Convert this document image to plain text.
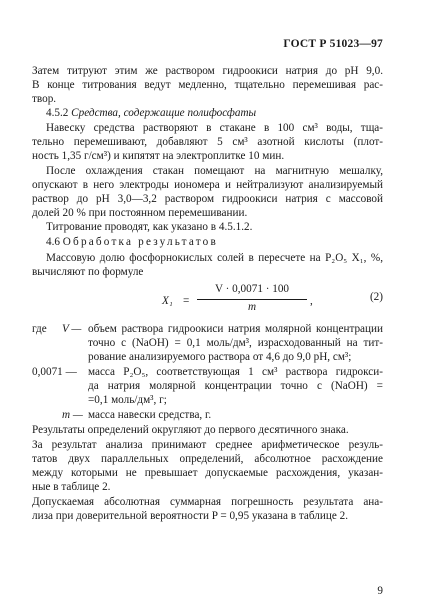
ГОСТ Р 51023—97
Затем титруют этим же раствором гидроокиси натрия до pH 9,0.
В конце титрования ведут медленно, тщательно перемешивая рас-
твор.
4.5.2 Средства, содержащие полифосфаты
Навеску средства растворяют в стакане в 100 см³ воды, тща-
тельно перемешивают, добавляют 5 см³ азотной кислоты (плот-
ность 1,35 г/см³) и кипятят на электроплитке 10 мин.
После охлаждения стакан помещают на магнитную мешалку,
опускают в него электроды иономера и нейтрализуют анализируемый
раствор до pH 3,0—3,2 раствором гидроокиси натрия с массовой
долей 20 % при постоянном перемешивании.
Титрование проводят, как указано в 4.5.1.2.
4.6 Обработка результатов
Массовую долю фосфорнокислых солей в пересчете на P₂O₅ X₁, %,
вычисляют по формуле
X₁ =
V · 0,0071 · 100
m	,	(2)
где V — объем раствора гидроокиси натрия молярной концентрации
точно с (NaOH) = 0,1 моль/дм³, израсходованный на тит-
рование анализируемого раствора от 4,6 до 9,0 pH, см³;
0,0071 — масса P₂O₅, соответствующая 1 см³ раствора гидрокси-
да натрия молярной концентрации точно с (NaOH) =
=0,1 моль/дм³, г;
m — масса навески средства, г.
Результаты определений округляют до первого десятичного знака.
За результат анализа принимают среднее арифметическое резуль-
татов двух параллельных определений, абсолютное расхождение
между которыми не превышает допускаемые расхождения, указан-
ные в таблице 2.
Допускаемая абсолютная суммарная погрешность результата ана-
лиза при доверительной вероятности P = 0,95 указана в таблице 2.
9
